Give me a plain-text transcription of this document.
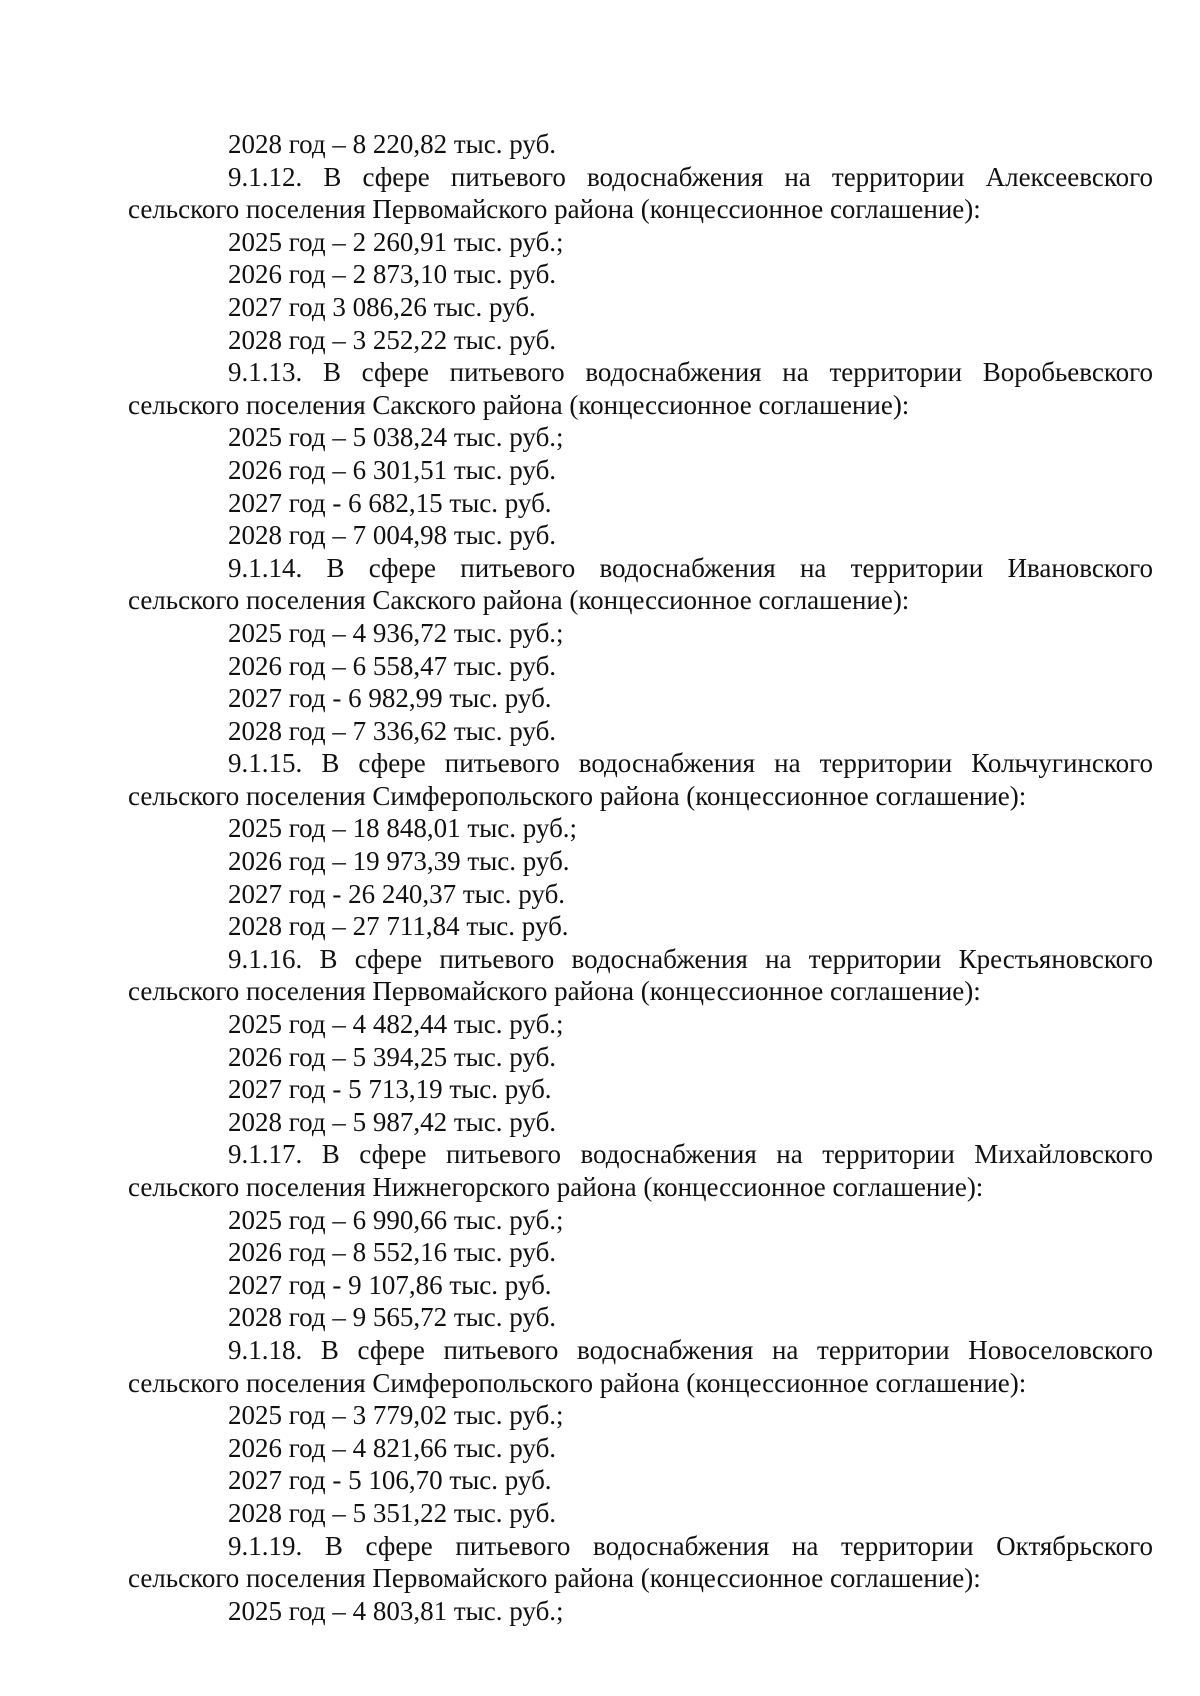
2028 год – 8 220,82 тыс. руб.
9.1.12. В сфере питьевого водоснабжения на территории Алексеевского
сельского поселения Первомайского района (концессионное соглашение):
2025 год – 2 260,91 тыс. руб.;
2026 год – 2 873,10 тыс. руб.
2027 год 3 086,26 тыс. руб.
2028 год – 3 252,22 тыс. руб.
9.1.13. В сфере питьевого водоснабжения на территории Воробьевского
сельского поселения Сакского района (концессионное соглашение):
2025 год – 5 038,24 тыс. руб.;
2026 год – 6 301,51 тыс. руб.
2027 год - 6 682,15 тыс. руб.
2028 год – 7 004,98 тыс. руб.
9.1.14. В сфере питьевого водоснабжения на территории Ивановского
сельского поселения Сакского района (концессионное соглашение):
2025 год – 4 936,72 тыс. руб.;
2026 год – 6 558,47 тыс. руб.
2027 год - 6 982,99 тыс. руб.
2028 год – 7 336,62 тыс. руб.
9.1.15. В сфере питьевого водоснабжения на территории Кольчугинского
сельского поселения Симферопольского района (концессионное соглашение):
2025 год – 18 848,01 тыс. руб.;
2026 год – 19 973,39 тыс. руб.
2027 год - 26 240,37 тыс. руб.
2028 год – 27 711,84 тыс. руб.
9.1.16. В сфере питьевого водоснабжения на территории Крестьяновского
сельского поселения Первомайского района (концессионное соглашение):
2025 год – 4 482,44 тыс. руб.;
2026 год – 5 394,25 тыс. руб.
2027 год - 5 713,19 тыс. руб.
2028 год – 5 987,42 тыс. руб.
9.1.17. В сфере питьевого водоснабжения на территории Михайловского
сельского поселения Нижнегорского района (концессионное соглашение):
2025 год – 6 990,66 тыс. руб.;
2026 год – 8 552,16 тыс. руб.
2027 год - 9 107,86 тыс. руб.
2028 год – 9 565,72 тыс. руб.
9.1.18. В сфере питьевого водоснабжения на территории Новоселовского
сельского поселения Симферопольского района (концессионное соглашение):
2025 год – 3 779,02 тыс. руб.;
2026 год – 4 821,66 тыс. руб.
2027 год - 5 106,70 тыс. руб.
2028 год – 5 351,22 тыс. руб.
9.1.19. В сфере питьевого водоснабжения на территории Октябрьского
сельского поселения Первомайского района (концессионное соглашение):
2025 год – 4 803,81 тыс. руб.;
